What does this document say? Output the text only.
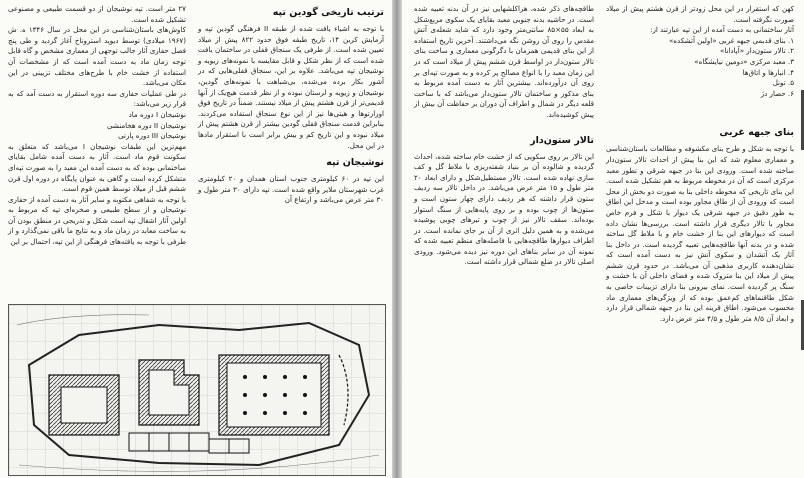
۲۷ متر است. تپه نوشیجان از دو قسمت طبیعی و مصنوعی تشکیل شده است.

کاوش‌های باستان‌شناسی در این محل در سال ۱۳۴۶ ه. ش (۱۹۶۷ میلادی) توسط دیوید استروناخ آغاز گردید و طی پنج فصل حفاری آثار جالب توجهی از معماری مشخص و گاه قابل توجه زمان ماد به دست آمده است که از مشخصات آن استفاده از خشت خام با طرح‌های مختلف تزیینی در این مکان می‌باشد.

در طی عملیات حفاری سه دوره استقرار به دست آمد که به قرار زیر می‌باشد:

نوشیجان I دوره ماد
نوشیجان II دوره هخامنشی
نوشیجان III دوره پارتی

مهم‌ترین این طبقات نوشیجان I می‌باشد که متعلق به سکونت قوم ماد است. آثار به دست آمده شامل بقایای ساختمانی بوده که به دست آمده این معبد را به صورت تپه‌ای متشکل کرده است و گاهی به عنوان پایگاه در دوره اول قرن ششم قبل از میلاد توسط همین قوم است.

با توجه به شفاهی مکتوبه و سایر آثار به دست آمده از حفاری نوشیجان و از سطح طبیعی و صخره‌ای تپه که مربوط به اولین آثار اشغال تپه است شکل و تدریجی در منطق بودن آن به ساخت معابد در زمان ماد و به نتایج ما باقی نمی‌گذارد و از طرفی با توجه به یافته‌های فرهنگی از این تپه، احتمال بر این

ترتیب تاریخی گودین تپه

با توجه به اشیاء یافت شده از طبقه II فرهنگی گودین تپه و آزمایش کربن ۱۴، تاریخ طبقه فوق حدود ۸۲۲ پیش از میلاد تعیین شده است. از طرفی یک سنجاق قفلی در ساختمان یافت شده است که از نظر شکل و قابل مقایسه با نمونه‌های زیویه و نوشیجان تپه می‌باشد. علاوه بر این، سنجاق قفلی‌هایی که در آشور بکار برده می‌شده، بی‌شباهت با نمونه‌های گودین، نوشیجان و زیویه و لرستان نبوده و از نظر قدمت هیچ‌یک از آنها قدیمی‌تر از قرن هشتم پیش از میلاد نیستند. ضمناً در تاریخ فوق اورارتوها و هیتی‌ها نیز از این نوع سنجاق استفاده می‌کردند. بنابراین قدمت سنجاق قفلی گودین بیشتر از قرن هشتم پیش از میلاد نبوده و این تاریخ کم و بیش برابر است با استقرار مادها در این محل.

نوشیجان تپه

این تپه در ۶۰ کیلومتری جنوب استان همدان و ۲۰ کیلومتری غرب شهرستان ملایر واقع شده است. تپه دارای ۳۰ متر طول و ۳۰ متر عرض می‌باشد و ارتفاع آن

طاقچه‌های ذکر شده، هراکلشهایی نیز در آن بدنه تعبیه شده است. در حاشیه بدنه جنوبی معبد بقایای یک سکوی مربع‌شکل به ابعاد ۵۵×۸۵ سانتی‌متر وجود دارد که شاید شعله‌ی آتش مقدس را روی آن روشن نگه می‌داشتند. آخرین تاریخ استفاده از این بنای قدیمی همزمان با دگرگونی معماری و ساخت بنای تالار ستون‌دار در اواسط قرن ششم پیش از میلاد است که در این زمان معبد را با انواع مصالح پر کرده و به صورت تپه‌ای بر روی آن درآورده‌اند. بیشترین آثار به دست آمده مربوط به بنای مذکور و ساختمان تالار ستون‌دار می‌باشد که با ساخت قلعه دیگر در شمال و اطراف آن دوران بر حفاظت آن بیش از پیش کوشیده‌اند.

تالار ستون‌دار

این تالار بر روی سکویی که از خشت خام ساخته شده، احداث گردیده و شالوده آن بر بنیاد شفته‌ریزی با ملاط گل و کف سازی نهاده شده است. تالار مستطیل‌شکل و دارای ابعاد ۲۰ متر طول و ۱۵ متر عرض می‌باشد. در داخل تالار سه ردیف ستون قرار داشته که هر ردیف دارای چهار ستون است و ستون‌ها از چوب بوده و بر روی پایه‌هایی از سنگ استوار بوده‌اند. سقف تالار نیز از چوب و تیرهای چوبی پوشیده می‌شده و به همین دلیل اثری از آن بر جای نمانده است. در اطراف دیوارها طاقچه‌هایی با فاصله‌های منظم تعبیه شده که نمونه آن در سایر بناهای این دوره نیز دیده می‌شود. ورودی اصلی تالار در ضلع شمالی قرار داشته است.

کهن که استقرار در این محل زودتر از قرن هشتم پیش از میلاد صورت نگرفته است.

آثار ساختمانی به دست آمده از این تپه عبارتند از:

۱. بنای قدیمی جبهه غربی «اولین آتشکده»
۲. تالار ستون‌دار «آپادانا»
۳. معبد مرکزی «دومین نیایشگاه»
۴. انبارها و اتاق‌ها
۵. تونل
۶. حصار دژ
بنای جبهه غربی

با توجه به شکل و طرح بنای مکشوفه و مطالعات باستان‌شناسی و معماری معلوم شد که این بنا پیش از احداث تالار ستون‌دار ساخته شده است. ورودی این بنا در جبهه شرقی و تطور معبد مرکزی است که آن در محوطه مربوط به هم تشکیل شده است. این بنای تاریخی که محوطه داخلی بنا به صورت دو بخش از محل است که ورودی آن از طاق مجاور بوده است و مدخل این اطاق به طور دقیق در جبهه شرقی یک دیوار با شکل و فرم خاص مجاور با تالار دیگری قرار داشته است. بررسی‌ها نشان داده است که دیوارهای این بنا از خشت خام و با ملاط گل ساخته شده و در بدنه آنها طاقچه‌هایی تعبیه گردیده است. در داخل بنا آثار یک آتشدان و سکوی آتش نیز به دست آمده است که نشان‌دهنده کاربری مذهبی آن می‌باشد. در حدود قرن ششم پیش از میلاد این بنا متروک شده و فضای داخلی آن با خشت و سنگ پر گردیده است. نمای بیرونی بنا دارای تزیینات خاصی به شکل طاقنماهای کم‌عمق بوده که از ویژگی‌های معماری ماد محسوب می‌شود. اطاق قرینه این بنا در جبهه شمالی قرار دارد و ابعاد آن ۸/۵ متر طول و ۴/۵ متر عرض دارد.
